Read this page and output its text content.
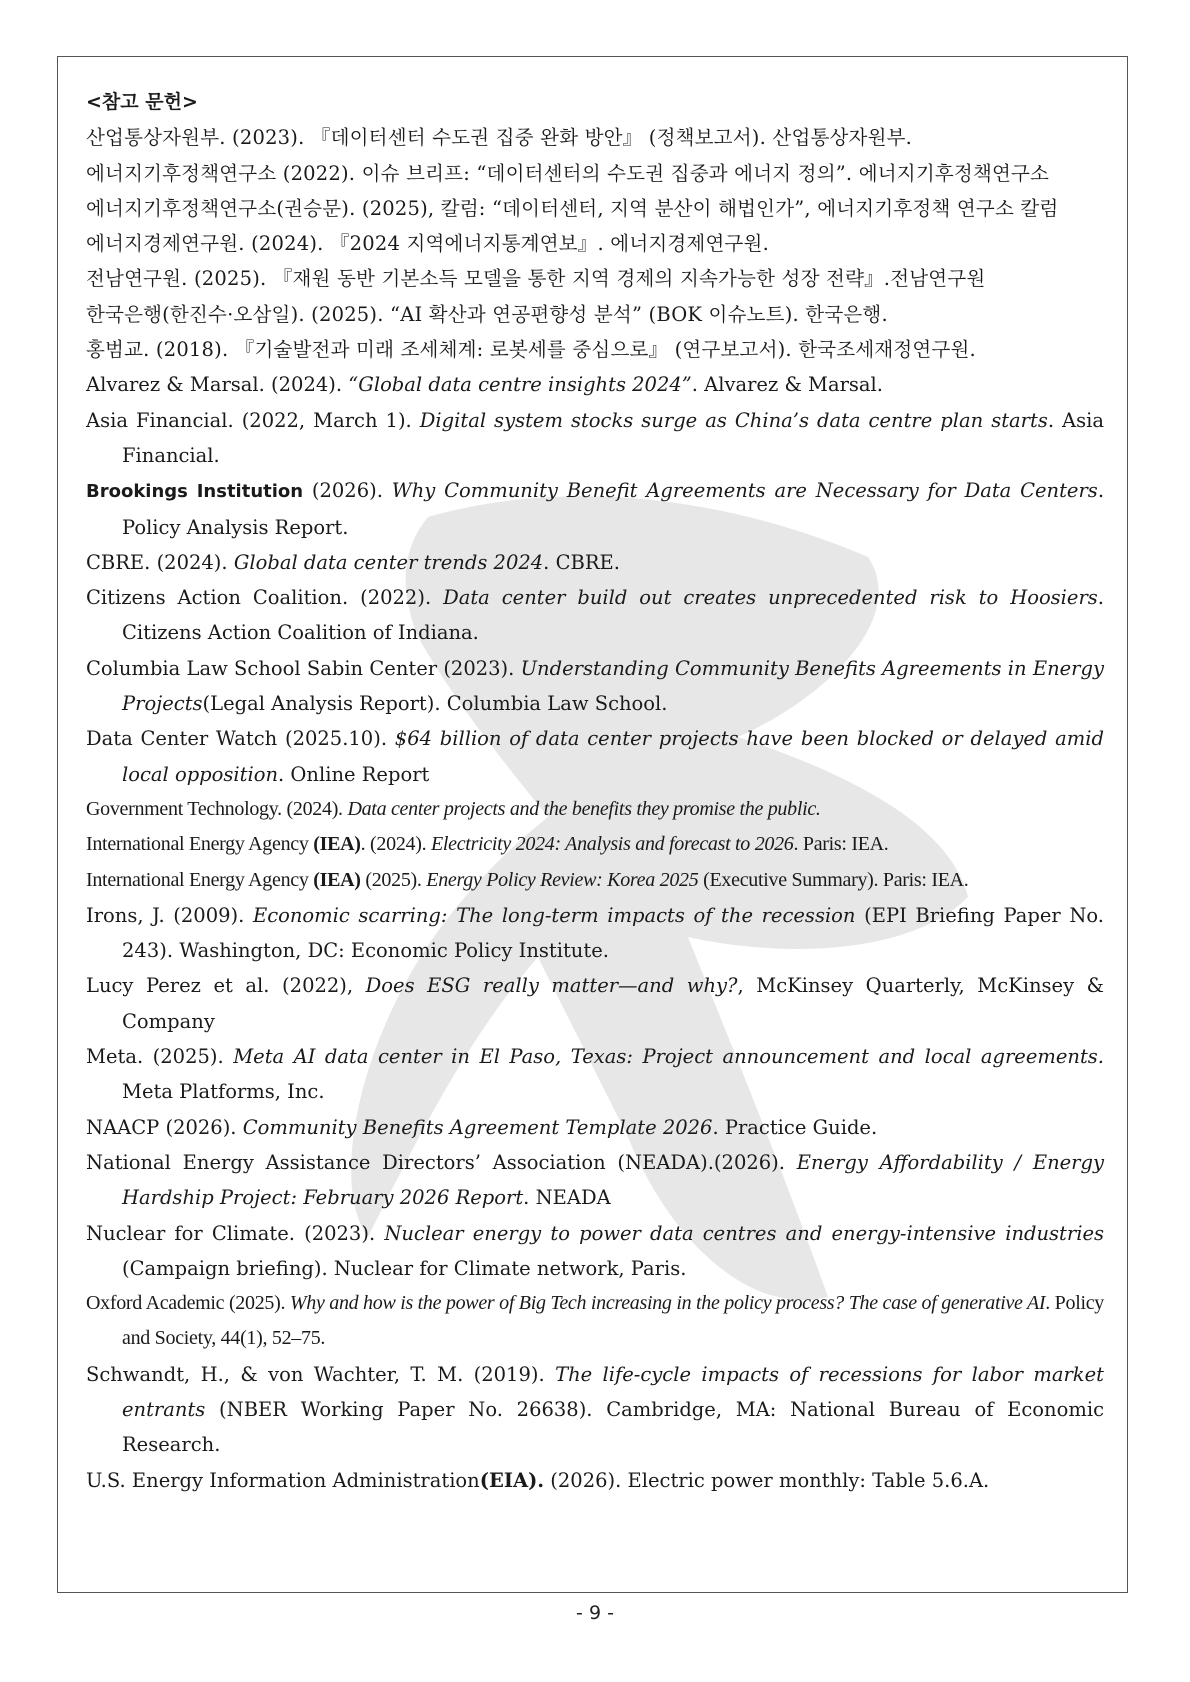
<참고 문헌>
산업통상자원부. (2023). 『데이터센터 수도권 집중 완화 방안』 (정책보고서). 산업통상자원부.
에너지기후정책연구소 (2022). 이슈 브리프: “데이터센터의 수도권 집중과 에너지 정의”. 에너지기후정책연구소
에너지기후정책연구소(권승문). (2025), 칼럼: “데이터센터, 지역 분산이 해법인가”, 에너지기후정책 연구소 칼럼
에너지경제연구원. (2024). 『2024 지역에너지통계연보』. 에너지경제연구원.
전남연구원. (2025). 『재원 동반 기본소득 모델을 통한 지역 경제의 지속가능한 성장 전략』.전남연구원
한국은행(한진수·오삼일). (2025). “AI 확산과 연공편향성 분석” (BOK 이슈노트). 한국은행.
홍범교. (2018). 『기술발전과 미래 조세체계: 로봇세를 중심으로』 (연구보고서). 한국조세재정연구원.
Alvarez & Marsal. (2024). “Global data centre insights 2024”. Alvarez & Marsal.
Asia Financial. (2022, March 1). Digital system stocks surge as China’s data centre plan starts. Asia Financial.
Brookings Institution (2026). Why Community Benefit Agreements are Necessary for Data Centers. Policy Analysis Report.
CBRE. (2024). Global data center trends 2024. CBRE.
Citizens Action Coalition. (2022). Data center build out creates unprecedented risk to Hoosiers. Citizens Action Coalition of Indiana.
Columbia Law School Sabin Center (2023). Understanding Community Benefits Agreements in Energy Projects(Legal Analysis Report). Columbia Law School.
Data Center Watch (2025.10). $64 billion of data center projects have been blocked or delayed amid local opposition. Online Report
Government Technology. (2024). Data center projects and the benefits they promise the public.
International Energy Agency (IEA). (2024). Electricity 2024: Analysis and forecast to 2026. Paris: IEA.
International Energy Agency (IEA) (2025). Energy Policy Review: Korea 2025 (Executive Summary). Paris: IEA.
Irons, J. (2009). Economic scarring: The long-term impacts of the recession (EPI Briefing Paper No. 243). Washington, DC: Economic Policy Institute.
Lucy Perez et al. (2022), Does ESG really matter—and why?, McKinsey Quarterly, McKinsey & Company
Meta. (2025). Meta AI data center in El Paso, Texas: Project announcement and local agreements. Meta Platforms, Inc.
NAACP (2026). Community Benefits Agreement Template 2026. Practice Guide.
National Energy Assistance Directors’ Association (NEADA).(2026). Energy Affordability / Energy Hardship Project: February 2026 Report. NEADA
Nuclear for Climate. (2023). Nuclear energy to power data centres and energy-intensive industries (Campaign briefing). Nuclear for Climate network, Paris.
Oxford Academic (2025). Why and how is the power of Big Tech increasing in the policy process? The case of generative AI. Policy and Society, 44(1), 52–75.
Schwandt, H., & von Wachter, T. M. (2019). The life-cycle impacts of recessions for labor market entrants (NBER Working Paper No. 26638). Cambridge, MA: National Bureau of Economic Research.
U.S. Energy Information Administration(EIA). (2026). Electric power monthly: Table 5.6.A.
- 9 -
